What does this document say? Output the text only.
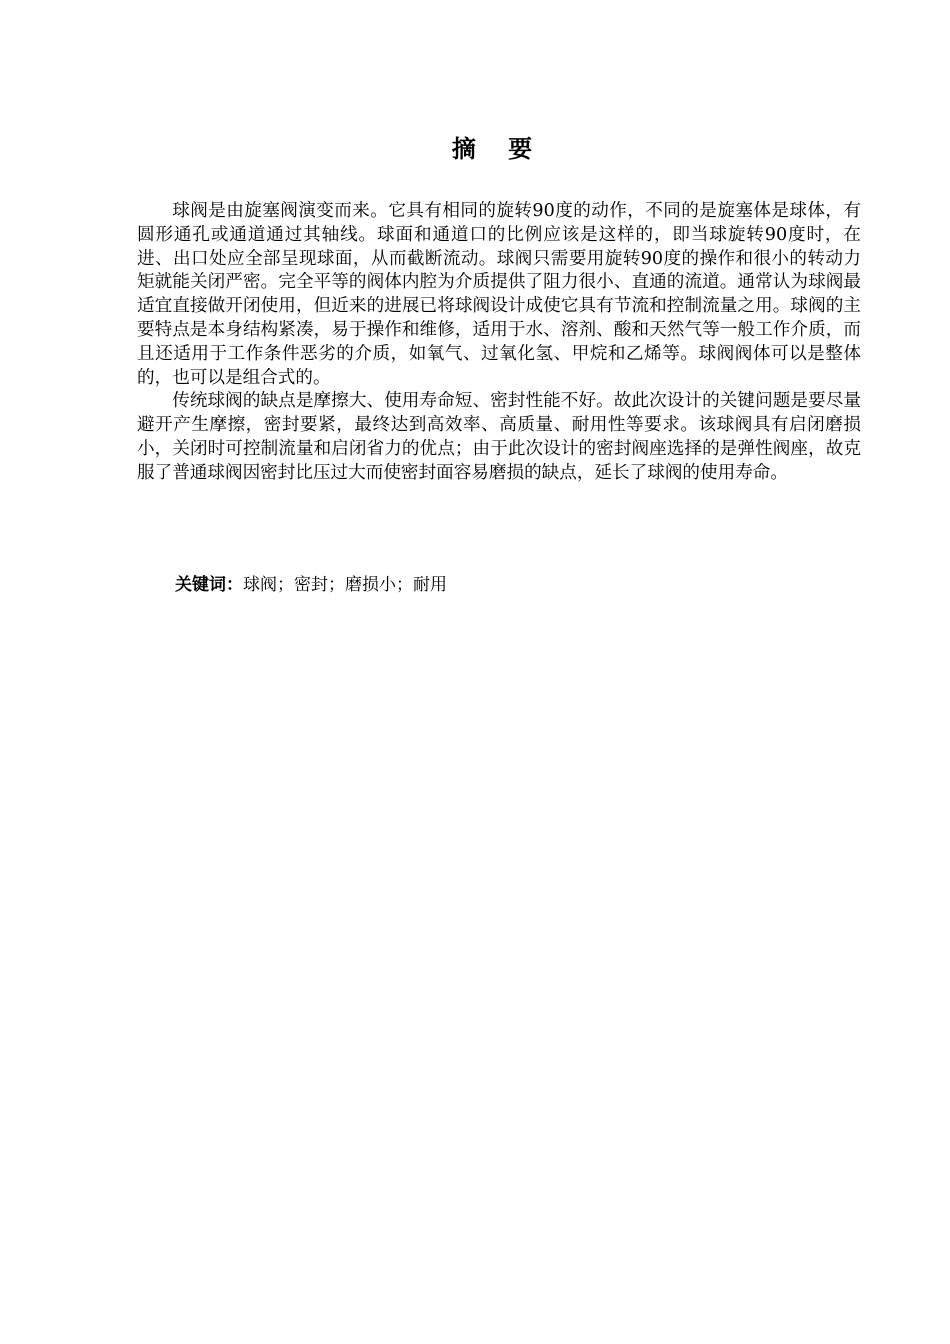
摘 要

球阀是由旋塞阀演变而来。它具有相同的旋转90度的动作，不同的是旋塞体是球体，有圆形通孔或通道通过其轴线。球面和通道口的比例应该是这样的，即当球旋转90度时，在进、出口处应全部呈现球面，从而截断流动。球阀只需要用旋转90度的操作和很小的转动力矩就能关闭严密。完全平等的阀体内腔为介质提供了阻力很小、直通的流道。通常认为球阀最适宜直接做开闭使用，但近来的进展已将球阀设计成使它具有节流和控制流量之用。球阀的主要特点是本身结构紧凑，易于操作和维修，适用于水、溶剂、酸和天然气等一般工作介质，而且还适用于工作条件恶劣的介质，如氧气、过氧化氢、甲烷和乙烯等。球阀阀体可以是整体的，也可以是组合式的。

传统球阀的缺点是摩擦大、使用寿命短、密封性能不好。故此次设计的关键问题是要尽量避开产生摩擦，密封要紧，最终达到高效率、高质量、耐用性等要求。该球阀具有启闭磨损小，关闭时可控制流量和启闭省力的优点；由于此次设计的密封阀座选择的是弹性阀座，故克服了普通球阀因密封比压过大而使密封面容易磨损的缺点，延长了球阀的使用寿命。

关键词：球阀；密封；磨损小；耐用
